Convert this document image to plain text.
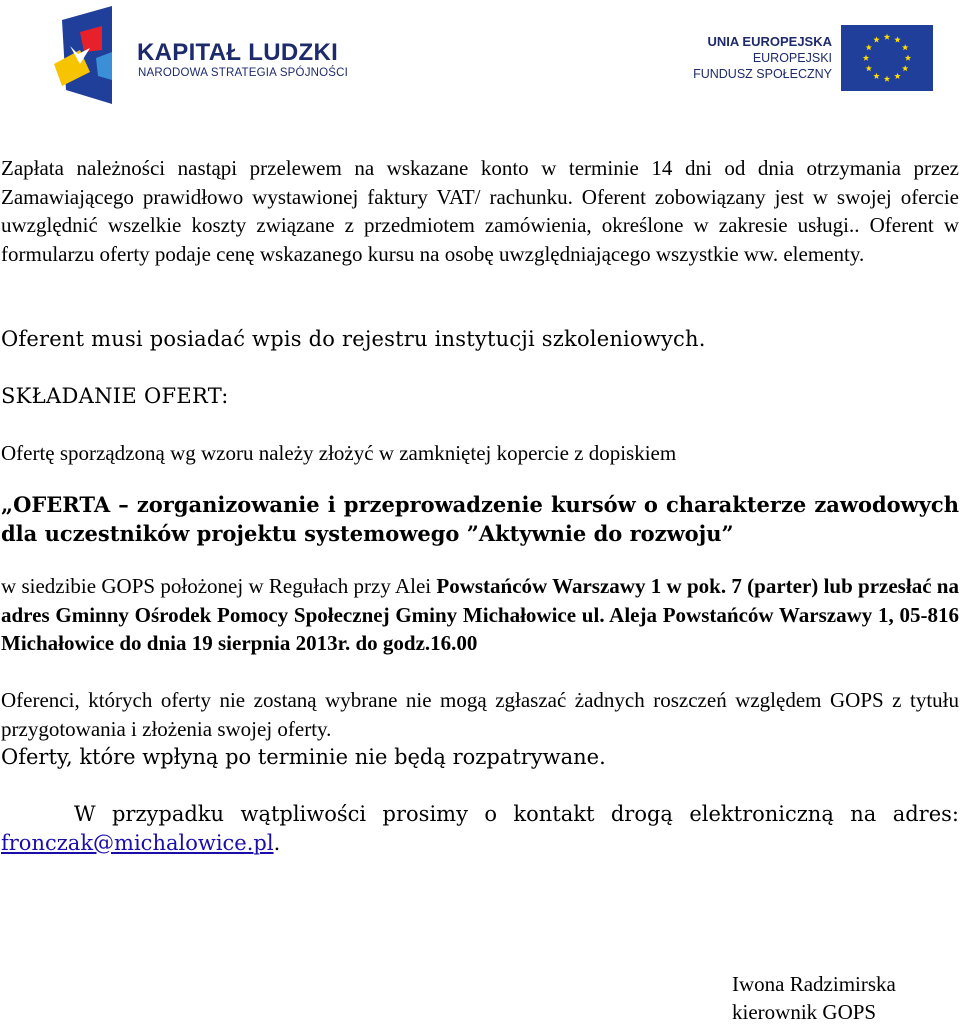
KAPITAŁ LUDZKI
NARODOWA STRATEGIA SPÓJNOŚCI
UNIA EUROPEJSKA
EUROPEJSKI
FUNDUSZ SPOŁECZNY

Zapłata należności nastąpi przelewem na wskazane konto w terminie 14 dni od dnia otrzymania przez Zamawiającego prawidłowo wystawionej faktury VAT/ rachunku. Oferent zobowiązany jest w swojej ofercie uwzględnić wszelkie koszty związane z przedmiotem zamówienia, określone w zakresie usługi.. Oferent w formularzu oferty podaje cenę wskazanego kursu na osobę uwzględniającego wszystkie ww. elementy.

Oferent musi posiadać wpis do rejestru instytucji szkoleniowych.

SKŁADANIE OFERT:

Ofertę sporządzoną wg wzoru należy złożyć w zamkniętej kopercie z dopiskiem

„OFERTA – zorganizowanie i przeprowadzenie kursów o charakterze zawodowych dla uczestników projektu systemowego ”Aktywnie do rozwoju”

w siedzibie GOPS położonej w Regułach przy Alei Powstańców Warszawy 1 w pok. 7 (parter) lub przesłać na adres Gminny Ośrodek Pomocy Społecznej Gminy Michałowice ul. Aleja Powstańców Warszawy 1, 05-816 Michałowice do dnia 19 sierpnia 2013r. do godz.16.00

Oferenci, których oferty nie zostaną wybrane nie mogą zgłaszać żadnych roszczeń względem GOPS z tytułu przygotowania i złożenia swojej oferty.

Oferty, które wpłyną po terminie nie będą rozpatrywane.

W przypadku wątpliwości prosimy o kontakt drogą elektroniczną na adres: fronczak@michalowice.pl.

Iwona Radzimirska
kierownik GOPS
